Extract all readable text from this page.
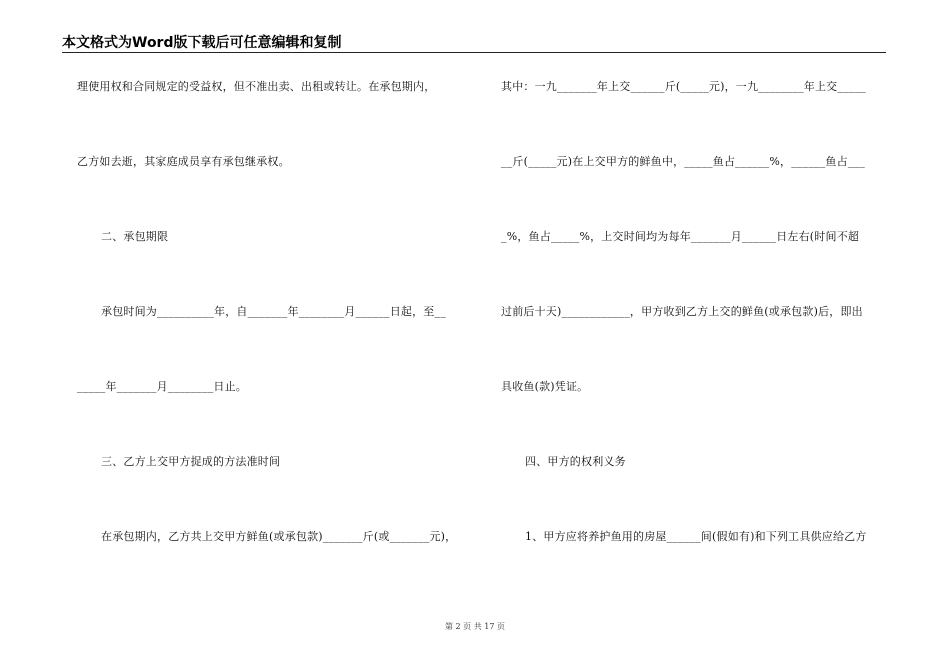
本文格式为Word版下载后可任意编辑和复制
理使用权和合同规定的受益权，但不准出卖、出租或转让。在承包期内，
乙方如去逝，其家庭成员享有承包继承权。
二、承包期限
承包时间为__________年，自_______年________月______日起，至__
_____年_______月________日止。
三、乙方上交甲方捉成的方法准时间
在承包期内，乙方共上交甲方鲜鱼(或承包款)_______斤(或_______元)，
其中：一九_______年上交______斤(_____元)，一九________年上交_____
__斤(_____元)在上交甲方的鲜鱼中，_____鱼占______%，______鱼占___
_%，鱼占_____%，上交时间均为每年_______月______日左右(时间不超
过前后十天)____________，甲方收到乙方上交的鲜鱼(或承包款)后，即出
具收鱼(款)凭证。
四、甲方的权利义务
1、甲方应将养护鱼用的房屋______间(假如有)和下列工具供应给乙方
第 2 页 共 17 页
